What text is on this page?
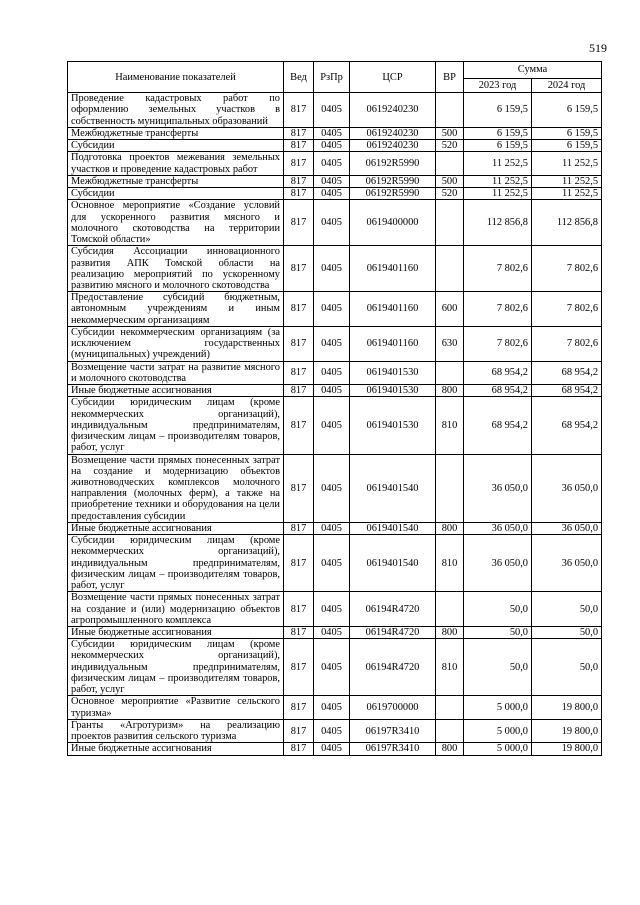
519
Наименование показателей	Вед	РзПр	ЦСР	ВР	Сумма	
					2023 год	2024 год
Проведение кадастровых работ по оформлению земельных участков в собственность муниципальных образований	817	0405	0619240230		6 159,5	6 159,5
Межбюджетные трансферты	817	0405	0619240230	500	6 159,5	6 159,5
Субсидии	817	0405	0619240230	520	6 159,5	6 159,5
Подготовка проектов межевания земельных участков и проведение кадастровых работ	817	0405	06192R5990		11 252,5	11 252,5
Межбюджетные трансферты	817	0405	06192R5990	500	11 252,5	11 252,5
Субсидии	817	0405	06192R5990	520	11 252,5	11 252,5
Основное мероприятие «Создание условий для ускоренного развития мясного и молочного скотоводства на территории Томской области»	817	0405	0619400000		112 856,8	112 856,8
Субсидия Ассоциации инновационного развития АПК Томской области на реализацию мероприятий по ускоренному развитию мясного и молочного скотоводства	817	0405	0619401160		7 802,6	7 802,6
Предоставление субсидий бюджетным, автономным учреждениям и иным некоммерческим организациям	817	0405	0619401160	600	7 802,6	7 802,6
Субсидии некоммерческим организациям (за исключением государственных (муниципальных) учреждений)	817	0405	0619401160	630	7 802,6	7 802,6
Возмещение части затрат на развитие мясного и молочного скотоводства	817	0405	0619401530		68 954,2	68 954,2
Иные бюджетные ассигнования	817	0405	0619401530	800	68 954,2	68 954,2
Субсидии юридическим лицам (кроме некоммерческих организаций), индивидуальным предпринимателям, физическим лицам – производителям товаров, работ, услуг	817	0405	0619401530	810	68 954,2	68 954,2
Возмещение части прямых понесенных затрат на создание и модернизацию объектов животноводческих комплексов молочного направления (молочных ферм), а также на приобретение техники и оборудования на цели предоставления субсидии	817	0405	0619401540		36 050,0	36 050,0
Иные бюджетные ассигнования	817	0405	0619401540	800	36 050,0	36 050,0
Субсидии юридическим лицам (кроме некоммерческих организаций), индивидуальным предпринимателям, физическим лицам – производителям товаров, работ, услуг	817	0405	0619401540	810	36 050,0	36 050,0
Возмещение части прямых понесенных затрат на создание и (или) модернизацию объектов агропромышленного комплекса	817	0405	06194R4720		50,0	50,0
Иные бюджетные ассигнования	817	0405	06194R4720	800	50,0	50,0
Субсидии юридическим лицам (кроме некоммерческих организаций), индивидуальным предпринимателям, физическим лицам – производителям товаров, работ, услуг	817	0405	06194R4720	810	50,0	50,0
Основное мероприятие «Развитие сельского туризма»	817	0405	0619700000		5 000,0	19 800,0
Гранты «Агротуризм» на реализацию проектов развития сельского туризма	817	0405	06197R3410		5 000,0	19 800,0
Иные бюджетные ассигнования	817	0405	06197R3410	800	5 000,0	19 800,0
